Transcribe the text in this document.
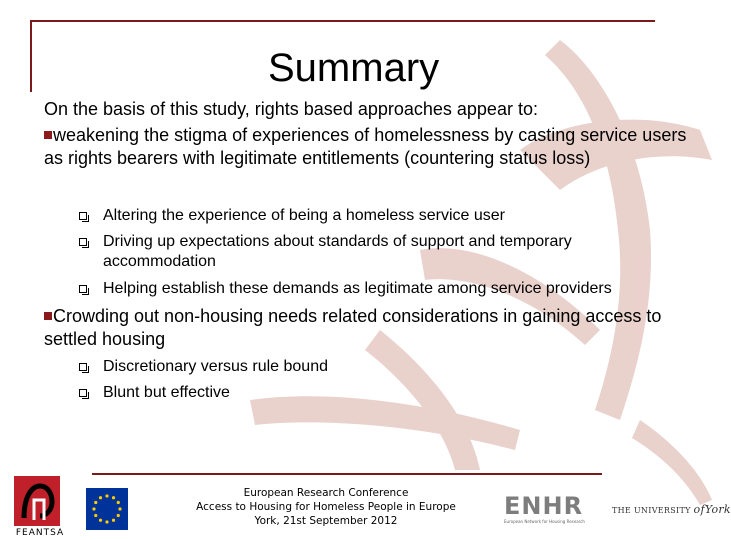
Summary
On the basis of this study, rights based approaches appear to:
weakening the stigma of experiences of homelessness by casting service users as rights bearers with legitimate entitlements (countering status loss)
Altering the experience of being a homeless service user
Driving up expectations about standards of support and temporary
accommodation
Helping establish these demands as legitimate among service providers
Crowding out non-housing needs related considerations in gaining access to settled housing
Discretionary versus rule bound
Blunt but effective
European Research Conference
Access to Housing for Homeless People in Europe
York, 21st September 2012
FEANTSA
ENHR
European Network for Housing Research
THE UNIVERSITY ofYork
